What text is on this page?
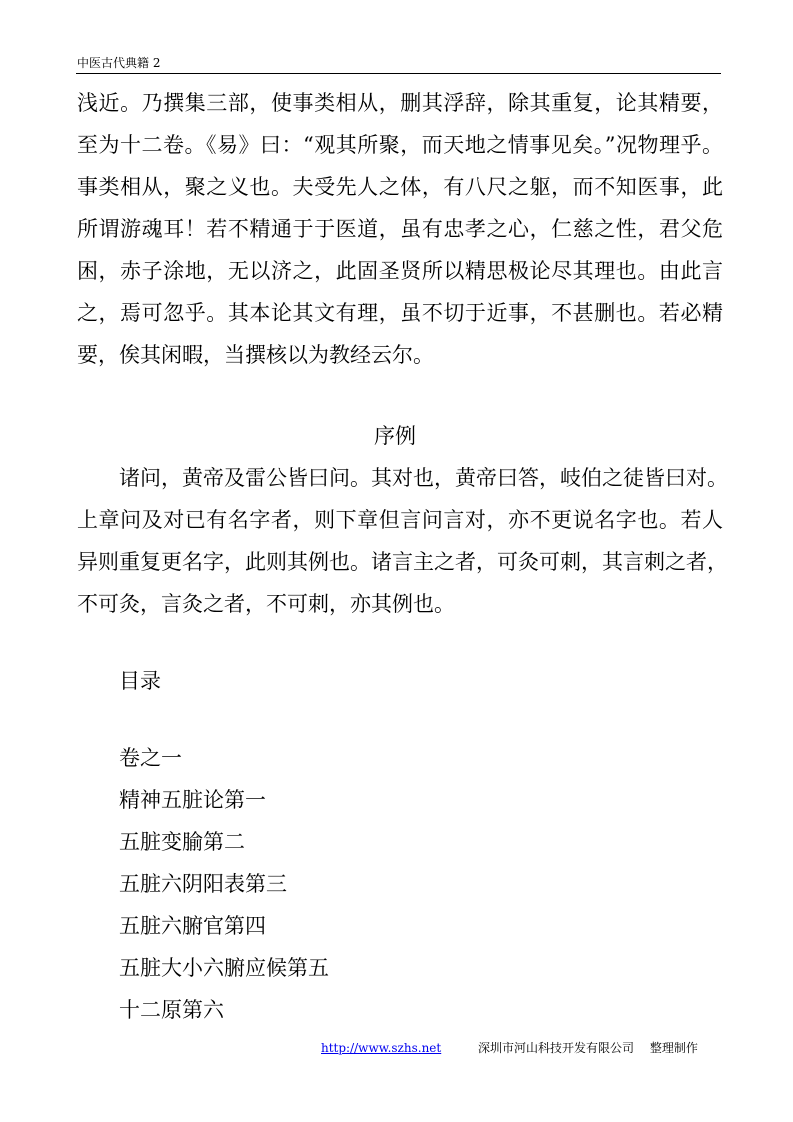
中医古代典籍 2
浅近。乃撰集三部，使事类相从，删其浮辞，除其重复，论其精要，
至为十二卷。《易》曰：“观其所聚，而天地之情事见矣。”况物理乎。
事类相从，聚之义也。夫受先人之体，有八尺之躯，而不知医事，此
所谓游魂耳！若不精通于于医道，虽有忠孝之心，仁慈之性，君父危
困，赤子涂地，无以济之，此固圣贤所以精思极论尽其理也。由此言
之，焉可忽乎。其本论其文有理，虽不切于近事，不甚删也。若必精
要，俟其闲暇，当撰核以为教经云尔。
序例
诸问，黄帝及雷公皆曰问。其对也，黄帝曰答，岐伯之徒皆曰对。
上章问及对已有名字者，则下章但言问言对，亦不更说名字也。若人
异则重复更名字，此则其例也。诸言主之者，可灸可刺，其言刺之者，
不可灸，言灸之者，不可刺，亦其例也。
目录
卷之一
精神五脏论第一
五脏变腧第二
五脏六阴阳表第三
五脏六腑官第四
五脏大小六腑应候第五
十二原第六
http://www.szhs.net	深圳市河山科技开发有限公司　 整理制作
